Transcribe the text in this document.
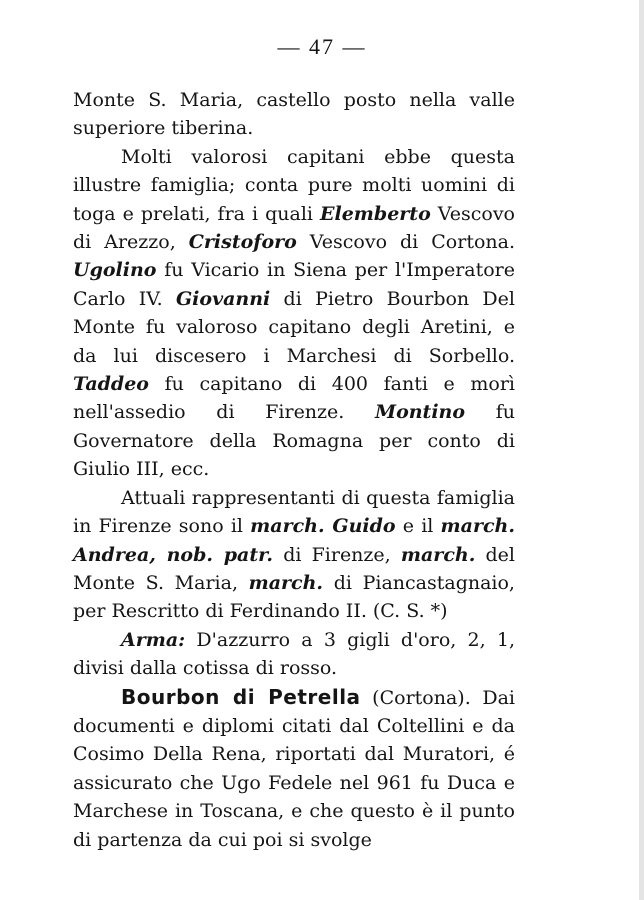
— 47 —

Monte S. Maria, castello posto nella valle superiore tiberina.

Molti valorosi capitani ebbe questa illustre famiglia; conta pure molti uomini di toga e prelati, fra i quali Elemberto Vescovo di Arezzo, Cristoforo Vescovo di Cortona. Ugolino fu Vicario in Siena per l'Imperatore Carlo IV. Giovanni di Pietro Bourbon Del Monte fu valoroso capitano degli Aretini, e da lui discesero i Marchesi di Sorbello. Taddeo fu capitano di 400 fanti e morì nell'assedio di Firenze. Montino fu Governatore della Romagna per conto di Giulio III, ecc.

Attuali rappresentanti di questa famiglia in Firenze sono il march. Guido e il march. Andrea, nob. patr. di Firenze, march. del Monte S. Maria, march. di Piancastagnaio, per Rescritto di Ferdinando II. (C. S. *)

Arma: D'azzurro a 3 gigli d'oro, 2, 1, divisi dalla cotissa di rosso.

Bourbon di Petrella (Cortona). Dai documenti e diplomi citati dal Coltellini e da Cosimo Della Rena, riportati dal Muratori, é assicurato che Ugo Fedele nel 961 fu Duca e Marchese in Toscana, e che questo è il punto di partenza da cui poi si svolge
